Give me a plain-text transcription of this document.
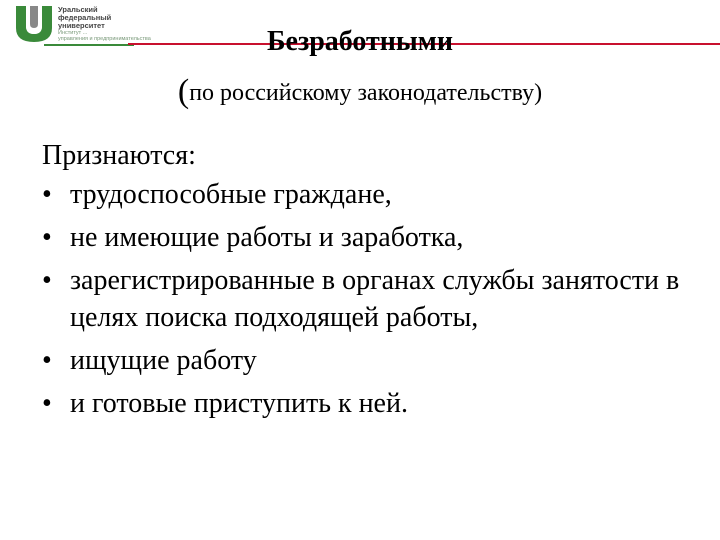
Уральский
федеральный
университет
Институт ...
управления и предпринимательства	Безработными
(по российскому законодательству)
Признаются:
• трудоспособные граждане,
• не имеющие работы и заработка,
• зарегистрированные в органах службы занятости в целях поиска подходящей работы,
• ищущие работу
• и готовые приступить к ней.
